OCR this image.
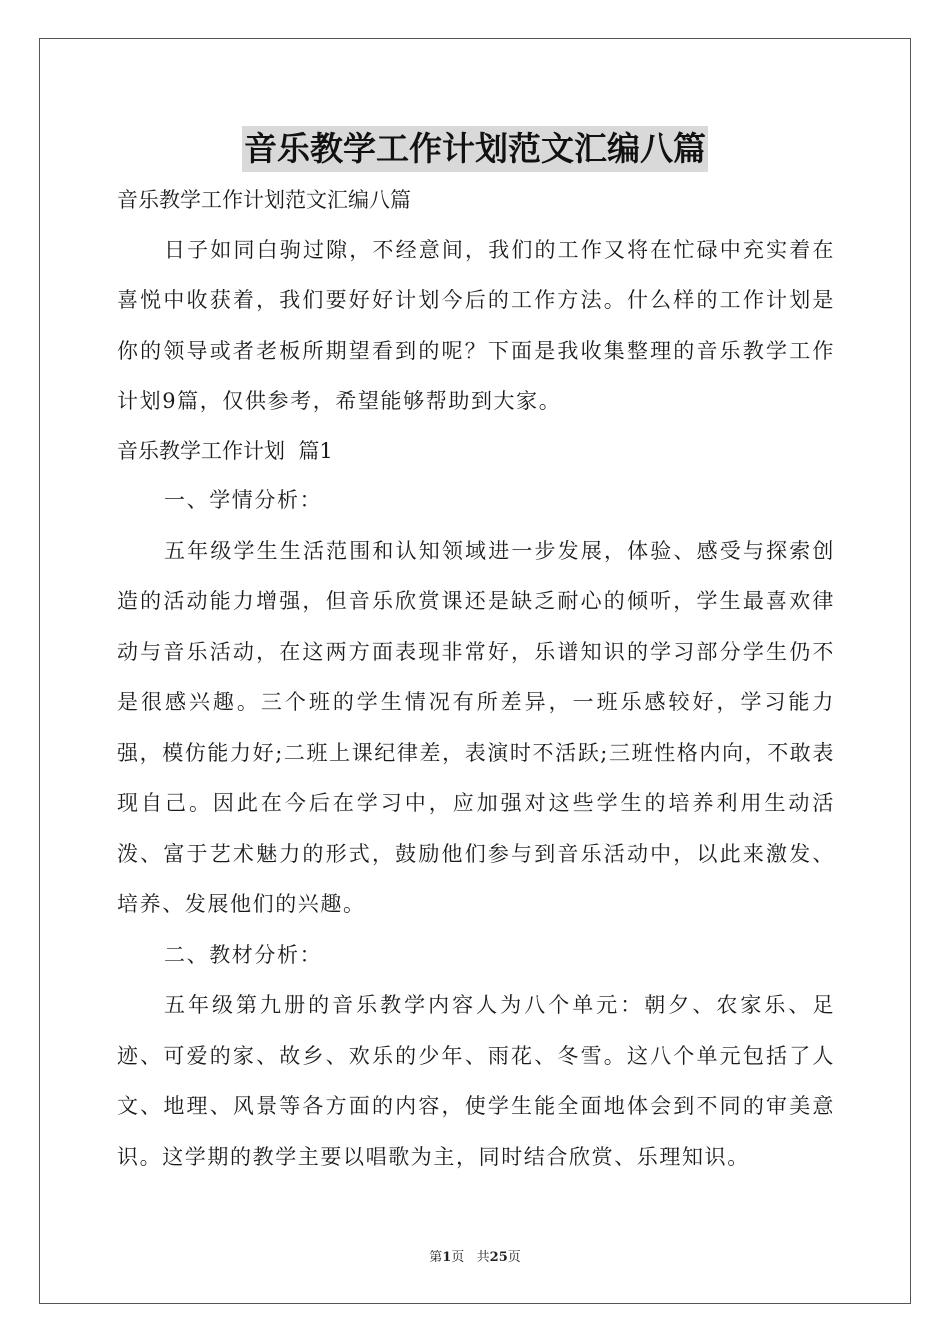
音乐教学工作计划范文汇编八篇

音乐教学工作计划范文汇编八篇

日子如同白驹过隙，不经意间，我们的工作又将在忙碌中充实着在喜悦中收获着，我们要好好计划今后的工作方法。什么样的工作计划是你的领导或者老板所期望看到的呢？下面是我收集整理的音乐教学工作计划9篇，仅供参考，希望能够帮助到大家。

音乐教学工作计划  篇1

一、学情分析：

五年级学生生活范围和认知领域进一步发展，体验、感受与探索创造的活动能力增强，但音乐欣赏课还是缺乏耐心的倾听，学生最喜欢律动与音乐活动，在这两方面表现非常好，乐谱知识的学习部分学生仍不是很感兴趣。三个班的学生情况有所差异，一班乐感较好，学习能力强，模仿能力好;二班上课纪律差，表演时不活跃;三班性格内向，不敢表现自己。因此在今后在学习中，应加强对这些学生的培养利用生动活泼、富于艺术魅力的形式，鼓励他们参与到音乐活动中，以此来激发、培养、发展他们的兴趣。

二、教材分析：

五年级第九册的音乐教学内容人为八个单元：朝夕、农家乐、足迹、可爱的家、故乡、欢乐的少年、雨花、冬雪。这八个单元包括了人文、地理、风景等各方面的内容，使学生能全面地体会到不同的审美意识。这学期的教学主要以唱歌为主，同时结合欣赏、乐理知识。

第1页   共25页
